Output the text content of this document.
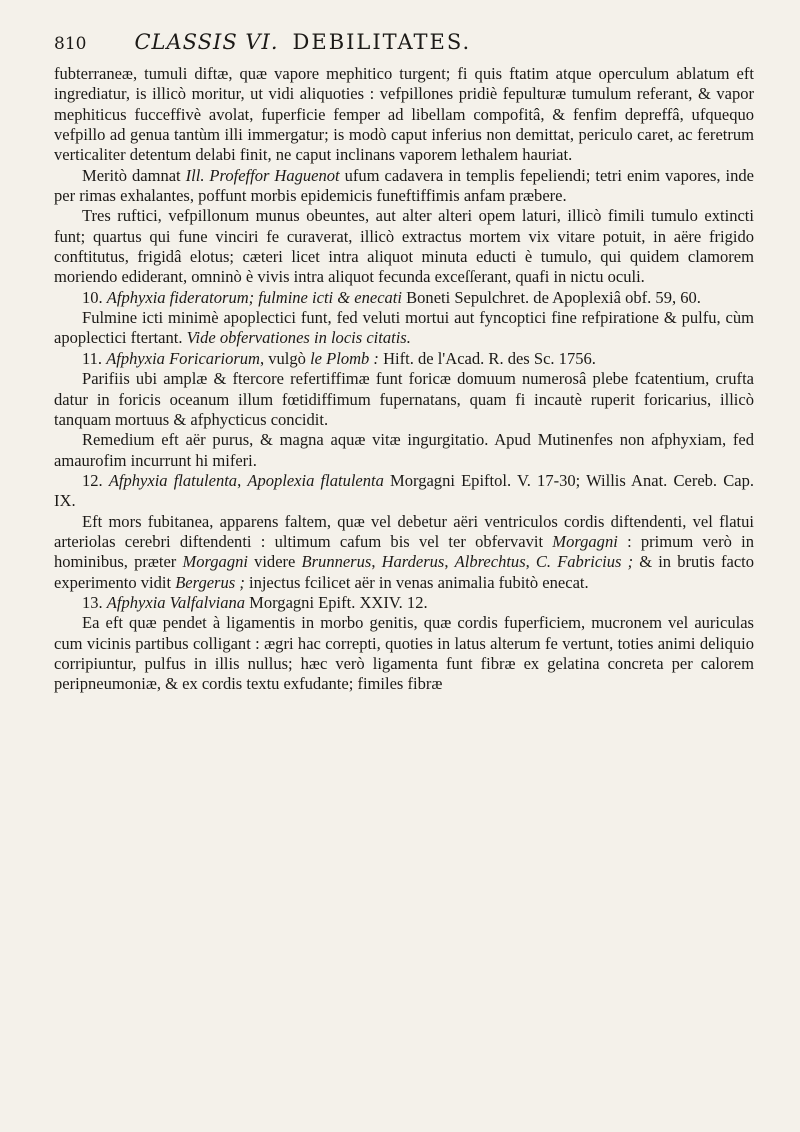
810 CLASSIS VI. DEBILITATES.

fubterraneæ, tumuli diftæ, quæ vapore mephitico turgent; fi quis ftatim atque operculum ablatum eft ingrediatur, is illicò moritur, ut vidi aliquoties : vefpillones pridiè fepulturæ tumulum referant, & vapor mephiticus fucceffivè avolat, fuperficie femper ad libellam compofitâ, & fenfim depreffâ, ufquequo vefpillo ad genua tantùm illi immergatur; is modò caput inferius non demittat, periculo caret, ac feretrum verticaliter detentum delabi finit, ne caput inclinans vaporem lethalem hauriat.

Meritò damnat Ill. Profeffor Haguenot ufum cadavera in templis fepeliendi; tetri enim vapores, inde per rimas exhalantes, poffunt morbis epidemicis funeftiffimis anfam præbere.

Tres ruftici, vefpillonum munus obeuntes, aut alter alteri opem laturi, illicò fimili tumulo extincti funt; quartus qui fune vinciri fe curaverat, illicò extractus mortem vix vitare potuit, in aëre frigido conftitutus, frigidâ elotus; cæteri licet intra aliquot minuta educti è tumulo, qui quidem clamorem moriendo ediderant, omninò è vivis intra aliquot fecunda exceſſerant, quafi in nictu oculi.

10. Afphyxia fideratorum; fulmine icti & enecati Boneti Sepulchret. de Apoplexiâ obf. 59, 60.

Fulmine icti minimè apoplectici funt, fed veluti mortui aut fyncoptici fine refpiratione & pulfu, cùm apoplectici ftertant. Vide obfervationes in locis citatis.

11. Afphyxia Foricariorum, vulgò le Plomb : Hift. de l'Acad. R. des Sc. 1756.

Parifiis ubi amplæ & ftercore refertiffimæ funt foricæ domuum numerosâ plebe fcatentium, crufta datur in foricis oceanum illum fœtidiffimum fupernatans, quam fi incautè ruperit foricarius, illicò tanquam mortuus & afphycticus concidit.

Remedium eft aër purus, & magna aquæ vitæ ingurgitatio. Apud Mutinenfes non afphyxiam, fed amaurofim incurrunt hi miferi.

12. Afphyxia flatulenta, Apoplexia flatulenta Morgagni Epiftol. V. 17-30; Willis Anat. Cereb. Cap. IX.

Eft mors fubitanea, apparens faltem, quæ vel debetur aëri ventriculos cordis diftendenti, vel flatui arteriolas cerebri diftendenti : ultimum cafum bis vel ter obfervavit Morgagni : primum verò in hominibus, præter Morgagni videre Brunnerus, Harderus, Albrechtus, C. Fabricius ; & in brutis facto experimento vidit Bergerus ; injectus fcilicet aër in venas animalia fubitò enecat.

13. Afphyxia Valfalviana Morgagni Epift. XXIV. 12.

Ea eft quæ pendet à ligamentis in morbo genitis, quæ cordis fuperficiem, mucronem vel auriculas cum vicinis partibus colligant : ægri hac correpti, quoties in latus alterum fe vertunt, toties animi deliquio corripiuntur, pulfus in illis nullus; hæc verò ligamenta funt fibræ ex gelatina concreta per calorem peripneumoniæ, & ex cordis textu exfudante; fimiles fibræ
